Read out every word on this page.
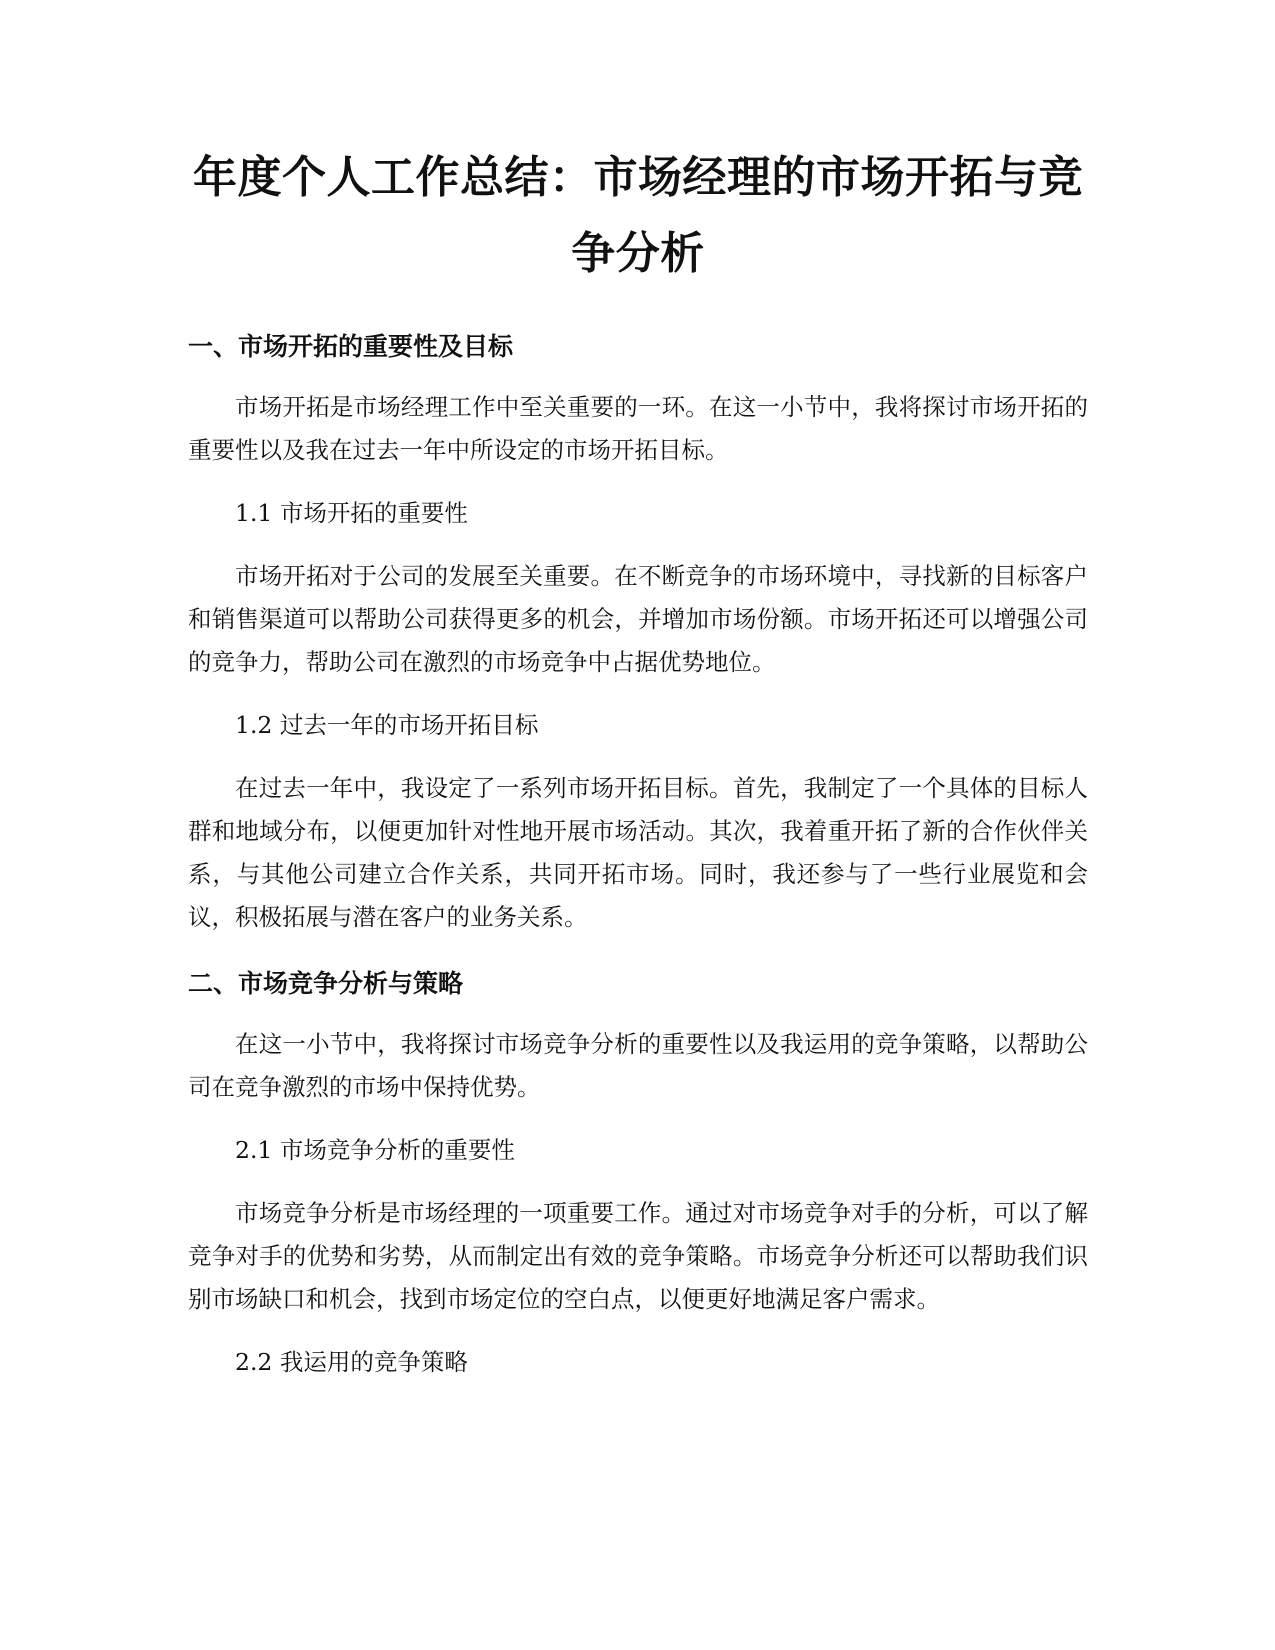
年度个人工作总结：市场经理的市场开拓与竞争分析
一、市场开拓的重要性及目标
市场开拓是市场经理工作中至关重要的一环。在这一小节中，我将探讨市场开拓的重要性以及我在过去一年中所设定的市场开拓目标。
1.1 市场开拓的重要性
市场开拓对于公司的发展至关重要。在不断竞争的市场环境中，寻找新的目标客户和销售渠道可以帮助公司获得更多的机会，并增加市场份额。市场开拓还可以增强公司的竞争力，帮助公司在激烈的市场竞争中占据优势地位。
1.2 过去一年的市场开拓目标
在过去一年中，我设定了一系列市场开拓目标。首先，我制定了一个具体的目标人群和地域分布，以便更加针对性地开展市场活动。其次，我着重开拓了新的合作伙伴关系，与其他公司建立合作关系，共同开拓市场。同时，我还参与了一些行业展览和会议，积极拓展与潜在客户的业务关系。
二、市场竞争分析与策略
在这一小节中，我将探讨市场竞争分析的重要性以及我运用的竞争策略，以帮助公司在竞争激烈的市场中保持优势。
2.1 市场竞争分析的重要性
市场竞争分析是市场经理的一项重要工作。通过对市场竞争对手的分析，可以了解竞争对手的优势和劣势，从而制定出有效的竞争策略。市场竞争分析还可以帮助我们识别市场缺口和机会，找到市场定位的空白点，以便更好地满足客户需求。
2.2 我运用的竞争策略
